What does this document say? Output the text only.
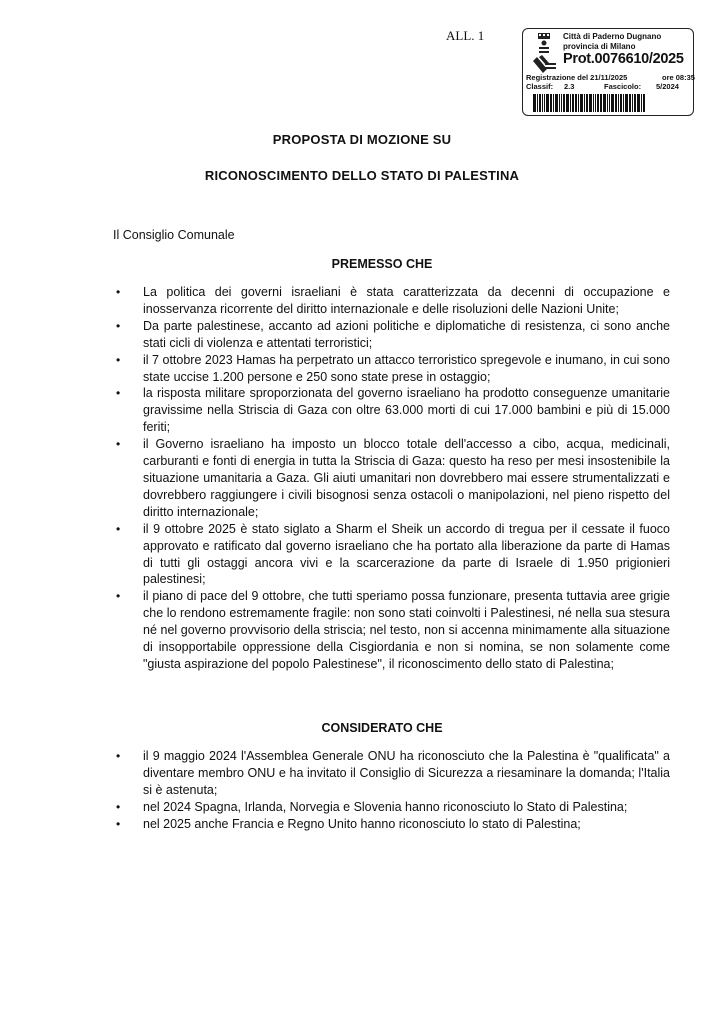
ALL. 1	Città di Paderno Dugnano
provincia di Milano
Prot.0076610/2025
Registrazione del 21/11/2025	ore 08:35
Classif: 2.3	Fascicolo: 5/2024
PROPOSTA DI MOZIONE SU
RICONOSCIMENTO DELLO STATO DI PALESTINA
Il Consiglio Comunale
PREMESSO CHE
• La politica dei governi israeliani è stata caratterizzata da decenni di occupazione e inosservanza ricorrente del diritto internazionale e delle risoluzioni delle Nazioni Unite;
• Da parte palestinese, accanto ad azioni politiche e diplomatiche di resistenza, ci sono anche stati cicli di violenza e attentati terroristici;
• il 7 ottobre 2023 Hamas ha perpetrato un attacco terroristico spregevole e inumano, in cui sono state uccise 1.200 persone e 250 sono state prese in ostaggio;
• la risposta militare sproporzionata del governo israeliano ha prodotto conseguenze umanitarie gravissime nella Striscia di Gaza con oltre 63.000 morti di cui 17.000 bambini e più di 15.000 feriti;
• il Governo israeliano ha imposto un blocco totale dell'accesso a cibo, acqua, medicinali, carburanti e fonti di energia in tutta la Striscia di Gaza: questo ha reso per mesi insostenibile la situazione umanitaria a Gaza. Gli aiuti umanitari non dovrebbero mai essere strumentalizzati e dovrebbero raggiungere i civili bisognosi senza ostacoli o manipolazioni, nel pieno rispetto del diritto internazionale;
• il 9 ottobre 2025 è stato siglato a Sharm el Sheik un accordo di tregua per il cessate il fuoco approvato e ratificato dal governo israeliano che ha portato alla liberazione da parte di Hamas di tutti gli ostaggi ancora vivi e la scarcerazione da parte di Israele di 1.950 prigionieri palestinesi;
• il piano di pace del 9 ottobre, che tutti speriamo possa funzionare, presenta tuttavia aree grigie che lo rendono estremamente fragile: non sono stati coinvolti i Palestinesi, né nella sua stesura né nel governo provvisorio della striscia; nel testo, non si accenna minimamente alla situazione di insopportabile oppressione della Cisgiordania e non si nomina, se non solamente come "giusta aspirazione del popolo Palestinese", il riconoscimento dello stato di Palestina;
CONSIDERATO CHE
• il 9 maggio 2024 l'Assemblea Generale ONU ha riconosciuto che la Palestina è "qualificata" a diventare membro ONU e ha invitato il Consiglio di Sicurezza a riesaminare la domanda; l'Italia si è astenuta;
• nel 2024 Spagna, Irlanda, Norvegia e Slovenia hanno riconosciuto lo Stato di Palestina;
• nel 2025 anche Francia e Regno Unito hanno riconosciuto lo stato di Palestina;
